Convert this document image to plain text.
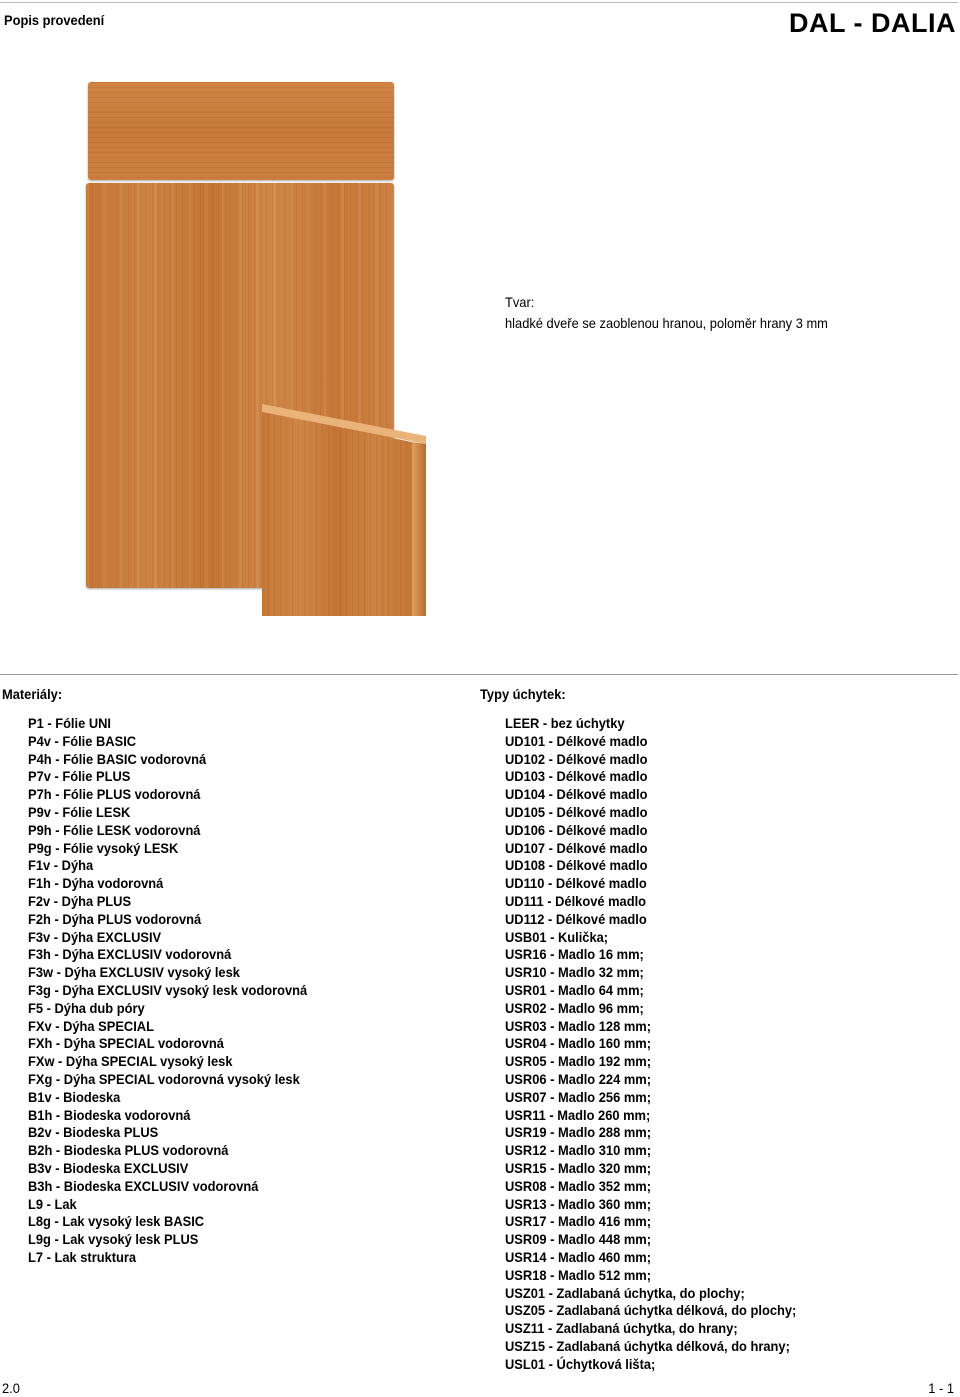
Popis provedení	DAL - DALIA
Tvar:
hladké dveře se zaoblenou hranou, poloměr hrany 3 mm
Materiály:
P1 - Fólie UNI
P4v - Fólie BASIC
P4h - Fólie BASIC vodorovná
P7v - Fólie PLUS
P7h - Fólie PLUS vodorovná
P9v - Fólie LESK
P9h - Fólie LESK vodorovná
P9g - Fólie vysoký LESK
F1v - Dýha
F1h - Dýha vodorovná
F2v - Dýha PLUS
F2h - Dýha PLUS vodorovná
F3v - Dýha EXCLUSIV
F3h - Dýha EXCLUSIV vodorovná
F3w - Dýha EXCLUSIV vysoký lesk
F3g - Dýha EXCLUSIV vysoký lesk vodorovná
F5 - Dýha dub póry
FXv - Dýha SPECIAL
FXh - Dýha SPECIAL vodorovná
FXw - Dýha SPECIAL vysoký lesk
FXg - Dýha SPECIAL vodorovná vysoký lesk
B1v - Biodeska
B1h - Biodeska vodorovná
B2v - Biodeska PLUS
B2h - Biodeska PLUS vodorovná
B3v - Biodeska EXCLUSIV
B3h - Biodeska EXCLUSIV vodorovná
L9 - Lak
L8g - Lak vysoký lesk BASIC
L9g - Lak vysoký lesk PLUS
L7 - Lak struktura
Typy úchytek:
LEER - bez úchytky
UD101 - Délkové madlo
UD102 - Délkové madlo
UD103 - Délkové madlo
UD104 - Délkové madlo
UD105 - Délkové madlo
UD106 - Délkové madlo
UD107 - Délkové madlo
UD108 - Délkové madlo
UD110 - Délkové madlo
UD111 - Délkové madlo
UD112 - Délkové madlo
USB01 - Kulička;
USR16 - Madlo 16 mm;
USR10 - Madlo 32 mm;
USR01 - Madlo 64 mm;
USR02 - Madlo 96 mm;
USR03 - Madlo 128 mm;
USR04 - Madlo 160 mm;
USR05 - Madlo 192 mm;
USR06 - Madlo 224 mm;
USR07 - Madlo 256 mm;
USR11 - Madlo 260 mm;
USR19 - Madlo 288 mm;
USR12 - Madlo 310 mm;
USR15 - Madlo 320 mm;
USR08 - Madlo 352 mm;
USR13 - Madlo 360 mm;
USR17 - Madlo 416 mm;
USR09 - Madlo 448 mm;
USR14 - Madlo 460 mm;
USR18 - Madlo 512 mm;
USZ01 - Zadlabaná úchytka, do plochy;
USZ05 - Zadlabaná úchytka délková, do plochy;
USZ11 - Zadlabaná úchytka, do hrany;
USZ15 - Zadlabaná úchytka délková, do hrany;
USL01 - Úchytková lišta;
2.0	1 - 1
